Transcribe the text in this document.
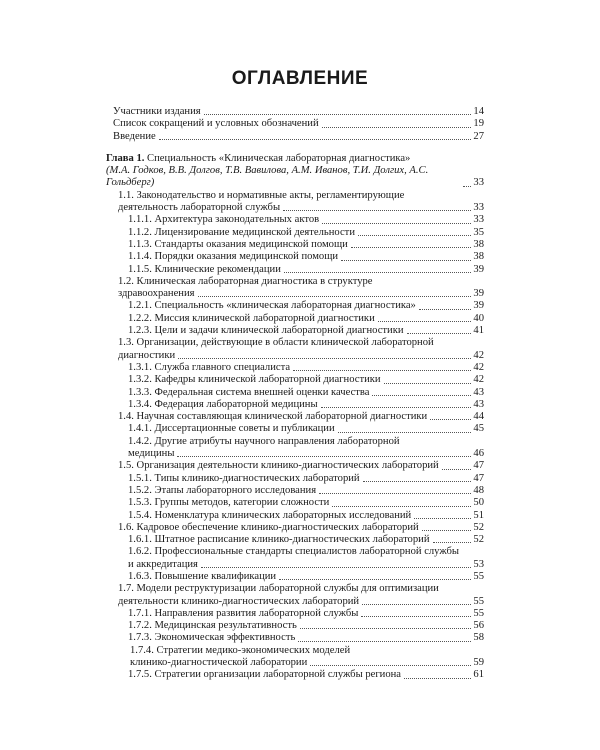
ОГЛАВЛЕНИЕ
Участники издания	14
Список сокращений и условных обозначений	19
Введение	27
Глава 1. Специальность «Клиническая лабораторная диагностика»
(М.А. Годков, В.В. Долгов, Т.В. Вавилова, А.М. Иванов, Т.И. Долгих, А.С. Гольдберг)	33
1.1. Законодательство и нормативные акты, регламентирующие
деятельность лабораторной службы	33
1.1.1. Архитектура законодательных актов	33
1.1.2. Лицензирование медицинской деятельности	35
1.1.3. Стандарты оказания медицинской помощи	38
1.1.4. Порядки оказания медицинской помощи	38
1.1.5. Клинические рекомендации	39
1.2. Клиническая лабораторная диагностика в структуре
здравоохранения	39
1.2.1. Специальность «клиническая лабораторная диагностика»	39
1.2.2. Миссия клинической лабораторной диагностики	40
1.2.3. Цели и задачи клинической лабораторной диагностики	41
1.3. Организации, действующие в области клинической лабораторной
диагностики	42
1.3.1. Служба главного специалиста	42
1.3.2. Кафедры клинической лабораторной диагностики	42
1.3.3. Федеральная система внешней оценки качества	43
1.3.4. Федерация лабораторной медицины	43
1.4. Научная составляющая клинической лабораторной диагностики	44
1.4.1. Диссертационные советы и публикации	45
1.4.2. Другие атрибуты научного направления лабораторной
медицины	46
1.5. Организация деятельности клинико-диагностических лабораторий	47
1.5.1. Типы клинико-диагностических лабораторий	47
1.5.2. Этапы лабораторного исследования	48
1.5.3. Группы методов, категории сложности	50
1.5.4. Номенклатура клинических лабораторных исследований	51
1.6. Кадровое обеспечение клинико-диагностических лабораторий	52
1.6.1. Штатное расписание клинико-диагностических лабораторий	52
1.6.2. Профессиональные стандарты специалистов лабораторной службы
и аккредитация	53
1.6.3. Повышение квалификации	55
1.7. Модели реструктуризации лабораторной службы для оптимизации
деятельности клинико-диагностических лабораторий	55
1.7.1. Направления развития лабораторной службы	55
1.7.2. Медицинская результативность	56
1.7.3. Экономическая эффективность	58
1.7.4. Стратегии медико-экономических моделей
клинико-диагностической лаборатории	59
1.7.5. Стратегии организации лабораторной службы региона	61
